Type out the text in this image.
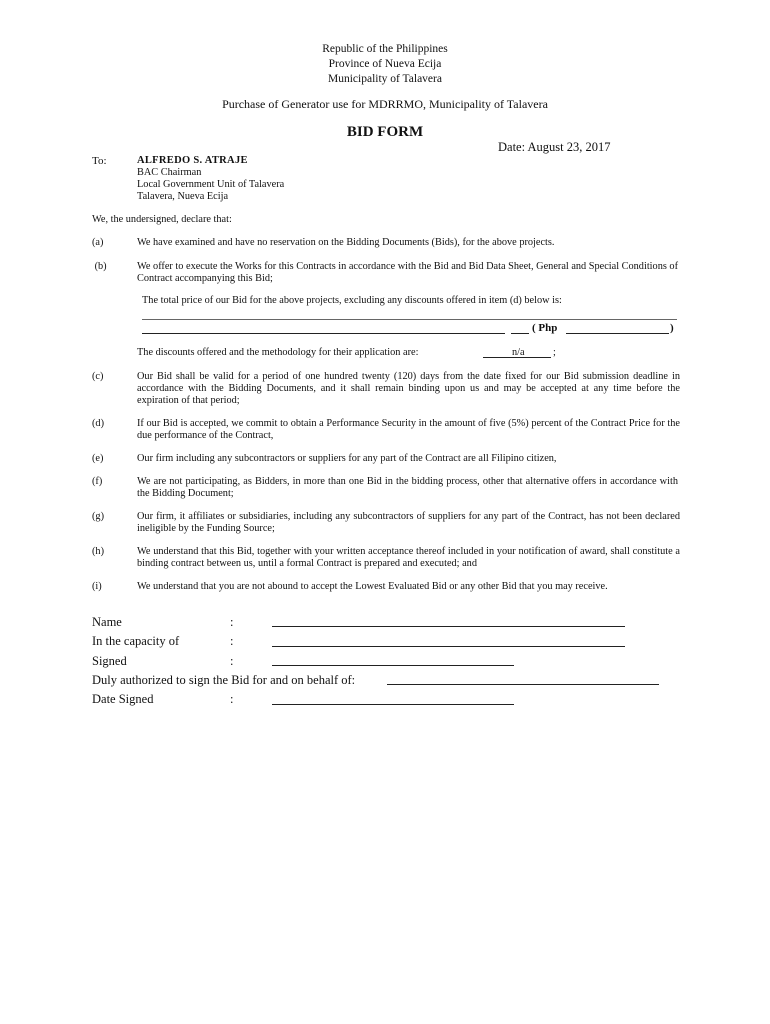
Republic of the Philippines
Province of Nueva Ecija
Municipality of Talavera
Purchase of Generator use for MDRRMO, Municipality of Talavera
BID FORM
Date: August 23, 2017
To:	ALFREDO S. ATRAJE
BAC Chairman
Local Government Unit of Talavera
Talavera, Nueva Ecija
We, the undersigned, declare that:
(a)	We have examined and have no reservation on the Bidding Documents (Bids), for the above projects.
(b)	We offer to execute the Works for this Contracts in accordance with the Bid and Bid Data Sheet, General and Special Conditions of Contract accompanying this Bid;
The total price of our Bid for the above projects, excluding any discounts offered in item (d) below is:
( Php	)
The discounts offered and the methodology for their application are:	n/a	;
(c)	Our Bid shall be valid for a period of one hundred twenty (120) days from the date fixed for our Bid submission deadline in accordance with the Bidding Documents, and it shall remain binding upon us and may be accepted at any time before the expiration of that period;
(d)	If our Bid is accepted, we commit to obtain a Performance Security in the amount of five (5%) percent of the Contract Price for the due performance of the Contract,
(e)	Our firm including any subcontractors or suppliers for any part of the Contract are all Filipino citizen,
(f)	We are not participating, as Bidders, in more than one Bid in the bidding process, other that alternative offers in accordance with the Bidding Document;
(g)	Our firm, it affiliates or subsidiaries, including any subcontractors of suppliers for any part of the Contract, has not been declared ineligible by the Funding Source;
(h)	We understand that this Bid, together with your written acceptance thereof included in your notification of award, shall constitute a binding contract between us, until a formal Contract is prepared and executed; and
(i)	We understand that you are not abound to accept the Lowest Evaluated Bid or any other Bid that you may receive.
Name	:
In the capacity of	:
Signed	:
Duly authorized to sign the Bid for and on behalf of:
Date Signed	:
